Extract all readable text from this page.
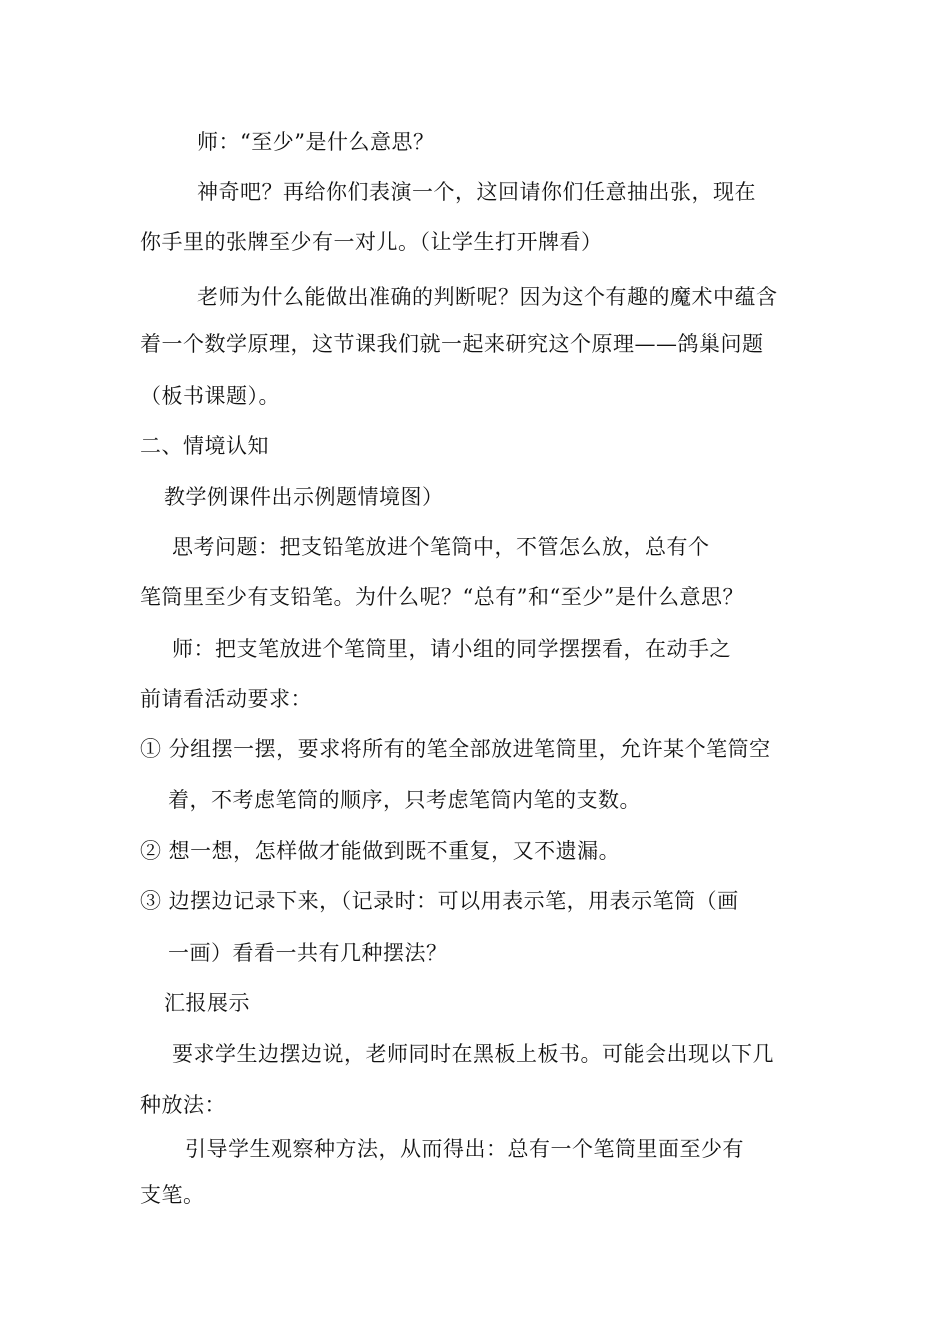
师：“至少”是什么意思？
神奇吧？再给你们表演一个，这回请你们任意抽出张，现在
你手里的张牌至少有一对儿。（让学生打开牌看）
老师为什么能做出准确的判断呢？因为这个有趣的魔术中蕴含
着一个数学原理，这节课我们就一起来研究这个原理——鸽巢问题
（板书课题）。
二、情境认知
教学例课件出示例题情境图）
思考问题：把支铅笔放进个笔筒中，不管怎么放，总有个
笔筒里至少有支铅笔。为什么呢？“总有”和“至少”是什么意思？
师：把支笔放进个笔筒里，请小组的同学摆摆看，在动手之
前请看活动要求：
① 分组摆一摆，要求将所有的笔全部放进笔筒里，允许某个笔筒空
着，不考虑笔筒的顺序，只考虑笔筒内笔的支数。
② 想一想，怎样做才能做到既不重复，又不遗漏。
③ 边摆边记录下来，（记录时：可以用表示笔，用表示笔筒（画
一画）看看一共有几种摆法？
汇报展示
要求学生边摆边说，老师同时在黑板上板书。可能会出现以下几
种放法：
引导学生观察种方法，从而得出：总有一个笔筒里面至少有
支笔。
